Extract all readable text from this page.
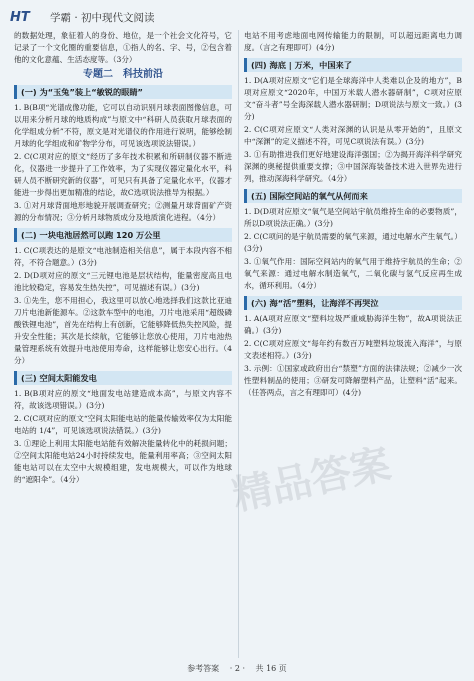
HT 学霸 · 初中现代文阅读

的数据处理，象征着人的身份、地位，是一个社会文化符号，它记录了一个文化圈的重要信息，①指人的名、字、号，②包含着他的文化意蕴、生活态度等。（3分）

专题二　科技前沿
(一) 为“玉兔”装上“敏锐的眼睛”

1. B(B项“光谱成像功能，它可以自动识别月球表面图像信息，可以用来分析月球的地质构成”与原文中“科研人员获取月球表面的化学组成分析”不符，原文是对光谱仪的作用进行说明，能够绘制月球的化学组成和矿物学分布，可见该选项说法错误。）

2. C(C项对应的原文“经历了多年技术积累和所研制仪器不断进化，仪器进一步提升了工作效率，为了实现仪器定量化水平，科研人员不断研究新的仪器”，可见只有具备了定量化水平，仪器才能进一步得出更加精准的结论，故C选项说法推导为根据。）

3. ①对月球背面地形地貌开展调查研究；②测量月球背面矿产资源的分布情况；③分析月球物质成分及地质演化进程。（4分）

(二) 一块电池居然可以跑 120 万公里

1. C(C项表达的是原文“电池制造相关信息”，属于本段内容不相符，不符合题意。）(3分)

2. D(D项对应的原文“三元锂电池是层状结构，能量密度高且电池比较稳定，容易发生热失控”，可见描述有误。）(3分)

3. ①先生，您不用担心，我这里可以放心地选择我们这款比亚迪刀片电池新能源车。②这款车型中的电池，刀片电池采用“超级磷酸铁锂电池”，首先在结构上有创新，它能够降低热失控风险，提升安全性能；其次是长续航，它能够让您放心使用，刀片电池热量管理系统有效提升电池使用寿命，这样能够让您安心出行。（4分）

(三) 空间太阳能发电

1. B(B项对应的原文“地面发电站建造成本高”，与原文内容不符，故该选项错误。）(3分)

2. C(C项对应的原文“空间太阳能电站的能量传输效率仅为太阳能电站的 1/4”，可见该选项说法错误。）(3分)

3. ①理论上利用太阳能电站能有效解决能量转化中的耗损问题；②空间太阳能电站24小时持续发电，能量利用率高；③空间太阳能电站可以在太空中大规模组建，发电规模大，可以作为地球的“遮阳伞”。（4分）

电站不用考虑地面电网传输能力的限制，可以超远距离电力调度。（言之有理即可）(4分)

(四) 海底 | 万米，中国来了

1. D(A项对应原文“它们是全球海洋中人类难以企及的地方”，B项对应原文“2020年，中国万米载人潜水器研制”，C项对应原文“奋斗者”号全海深载人潜水器研制；D项说法与原文一致。）(3分)

2. C(C项对应原文“人类对深渊的认识是从零开始的”，且原文中“深渊”的定义描述不符，可见C项说法有误。）(3分)

3. ①有助推进我们更好地建设海洋强国；②为揭开海洋科学研究深渊的奥秘提供重要支撑；③中国深海装备技术进入世界先进行列，推动深海科学研究。（4分）

(五) 国际空间站的氧气从何而来

1. D(D项对应原文“氧气是空间站宇航员维持生命的必要物质”，所以D项说法正确。）(3分)

2. C(C项问的是宇航员需要的氧气来源，通过电解水产生氧气。）(3分)

3. ①氧气作用：国际空间站内的氧气用于维持宇航员的生命；②氧气来源：通过电解水制造氧气，二氧化碳与氢气反应再生成水，循环利用。（4分）

(六) 海“活”塑料，让海洋不再哭泣

1. A(A项对应原文“塑料垃圾严重威胁海洋生物”，故A项说法正确。）(3分)

2. C(C项对应原文“每年约有数百万吨塑料垃圾流入海洋”，与原文表述相符。）(3分)

3. 示例：①国家或政府出台“禁塑”方面的法律法规；②减少一次性塑料制品的使用；③研发可降解塑料产品，让塑料“活”起来。（任答两点，言之有理即可）(4分)

精品答案
参考答案 · 2 · 共 16 页
